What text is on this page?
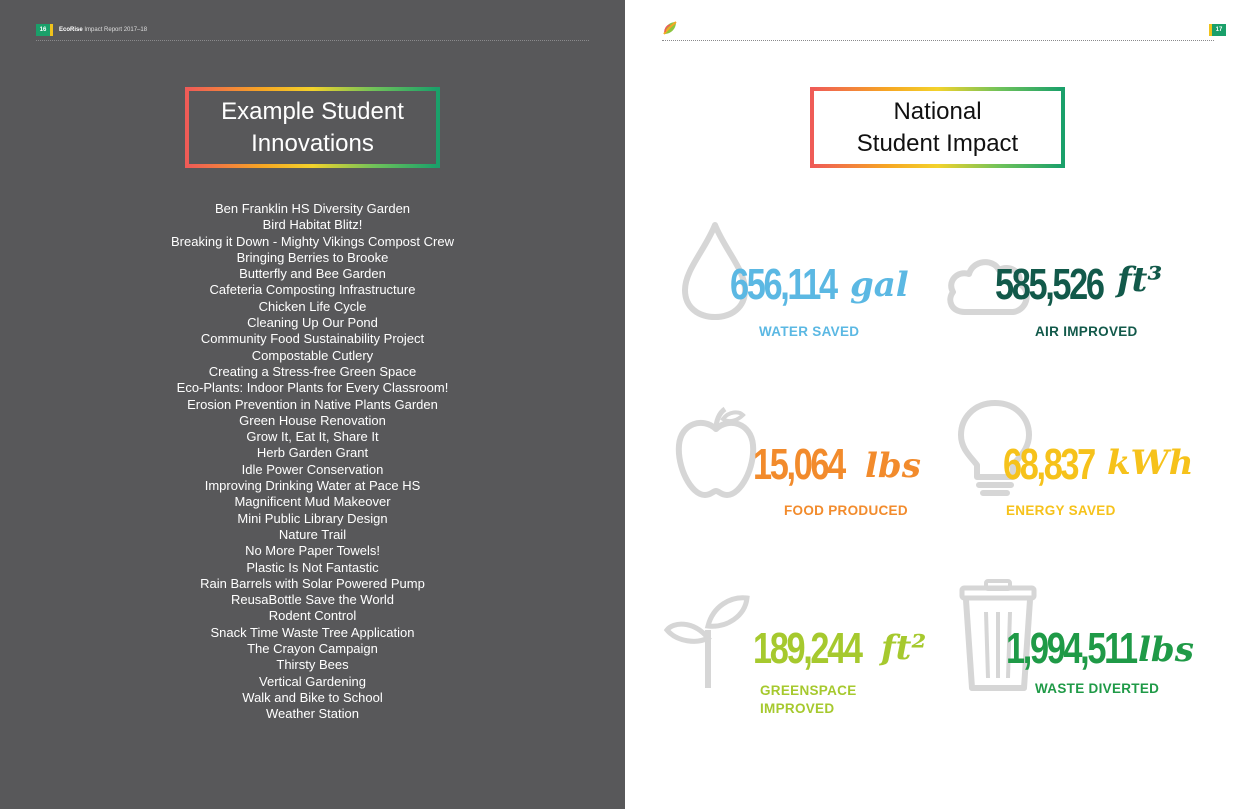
16	EcoRise Impact Report 2017–18
Example Student
Innovations
Ben Franklin HS Diversity Garden
Bird Habitat Blitz!
Breaking it Down - Mighty Vikings Compost Crew
Bringing Berries to Brooke
Butterfly and Bee Garden
Cafeteria Composting Infrastructure
Chicken Life Cycle
Cleaning Up Our Pond
Community Food Sustainability Project
Compostable Cutlery
Creating a Stress-free Green Space
Eco-Plants: Indoor Plants for Every Classroom!
Erosion Prevention in Native Plants Garden
Green House Renovation
Grow It, Eat It, Share It
Herb Garden Grant
Idle Power Conservation
Improving Drinking Water at Pace HS
Magnificent Mud Makeover
Mini Public Library Design
Nature Trail
No More Paper Towels!
Plastic Is Not Fantastic
Rain Barrels with Solar Powered Pump
ReusaBottle Save the World
Rodent Control
Snack Time Waste Tree Application
The Crayon Campaign
Thirsty Bees
Vertical Gardening
Walk and Bike to School
Weather Station
17
National
Student Impact
656,114 gal
WATER SAVED
585,526 ft³
AIR IMPROVED
15,064 lbs
FOOD PRODUCED
68,837 kWh
ENERGY SAVED
189,244 ft²
GREENSPACE
IMPROVED
1,994,511 lbs
WASTE DIVERTED
